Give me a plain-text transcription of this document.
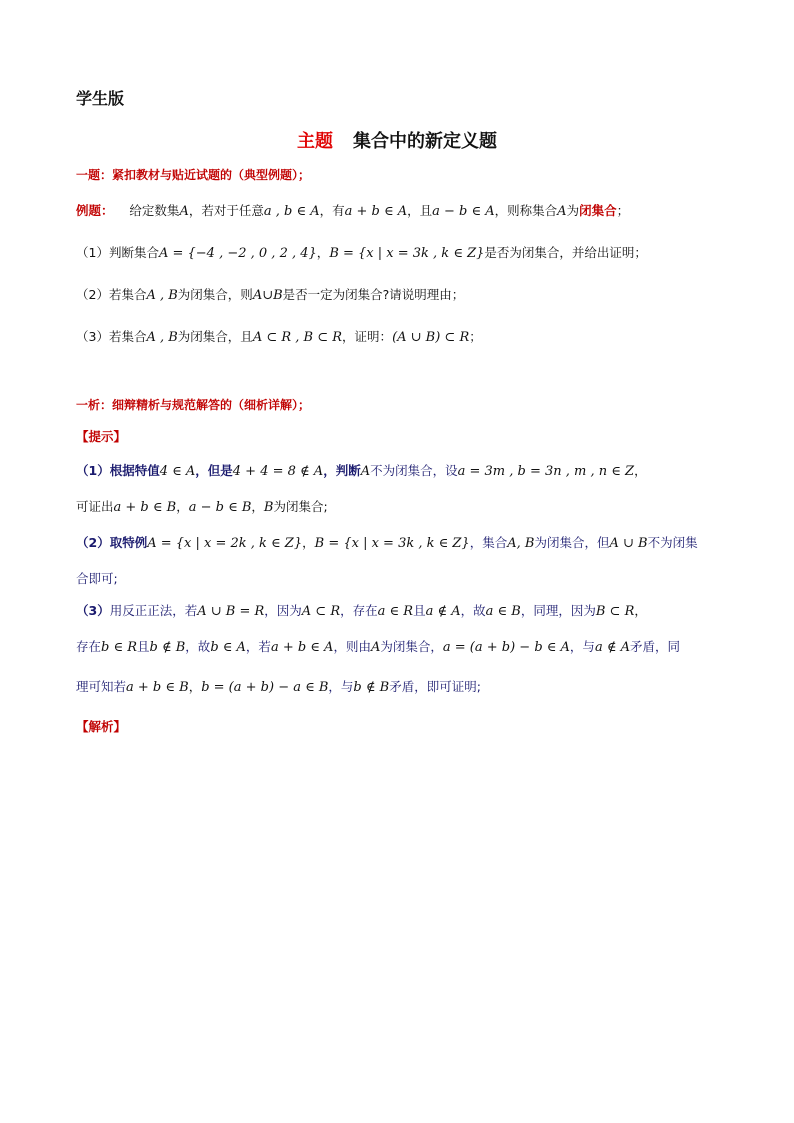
学生版
主题 集合中的新定义题
一题：紧扣教材与贴近试题的（典型例题）；
例题： 给定数集A，若对于任意a , b ∈ A，有a + b ∈ A，且a − b ∈ A，则称集合A为闭集合；
（1）判断集合A = {−4 , −2 , 0 , 2 , 4}，B = {x | x = 3k , k ∈ Z}是否为闭集合，并给出证明；
（2）若集合A , B为闭集合，则A∪B是否一定为闭集合?请说明理由；
（3）若集合A , B为闭集合，且A ⊂ R , B ⊂ R，证明：(A ∪ B) ⊂ R；
一析：细辩精析与规范解答的（细析详解）；
【提示】
（1）根据特值4 ∈ A，但是4 + 4 = 8 ∉ A，判断A不为闭集合，设a = 3m , b = 3n , m , n ∈ Z，
可证出a + b ∈ B，a − b ∈ B，B为闭集合;
（2）取特例A = {x | x = 2k , k ∈ Z}，B = {x | x = 3k , k ∈ Z}，集合A, B为闭集合，但A ∪ B不为闭集
合即可;
（3）用反正正法，若A ∪ B = R，因为A ⊂ R，存在a ∈ R且a ∉ A，故a ∈ B，同理，因为B ⊂ R，
存在b ∈ R且b ∉ B，故b ∈ A，若a + b ∈ A，则由A为闭集合，a = (a + b) − b ∈ A，与a ∉ A矛盾，同
理可知若a + b ∈ B，b = (a + b) − a ∈ B，与b ∉ B矛盾，即可证明;
【解析】
